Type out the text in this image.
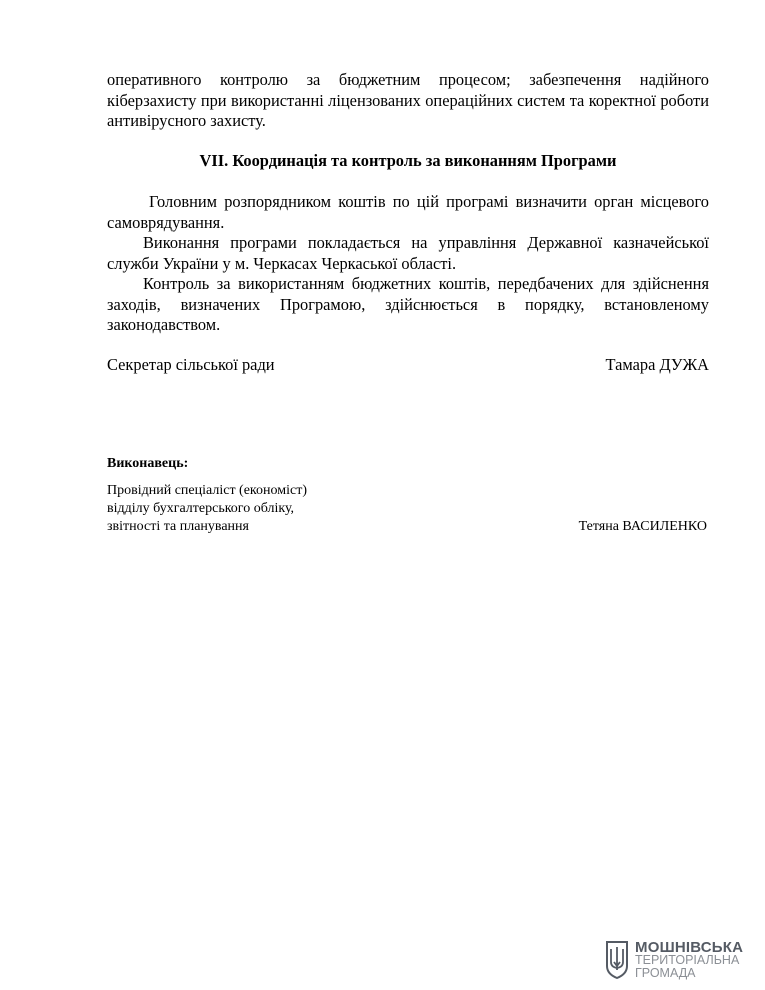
оперативного контролю за бюджетним процесом; забезпечення надійного кіберзахисту при використанні ліцензованих операційних систем та коректної роботи антивірусного захисту.
VII. Координація та контроль за виконанням Програми

Головним розпорядником коштів по цій програмі визначити орган місцевого самоврядування.

Виконання програми покладається на управління Державної казначейської служби України у м. Черкасах Черкаської області.

Контроль за використанням бюджетних коштів, передбачених для здійснення заходів, визначених Програмою, здійснюється в порядку, встановленому законодавством.

Секретар сільської ради	Тамара ДУЖА
Виконавець:
Провідний спеціаліст (економіст)
відділу бухгалтерського обліку,
звітності та планування	Тетяна ВАСИЛЕНКО
МОШНІВСЬКА
ТЕРИТОРІАЛЬНА
ГРОМАДА
